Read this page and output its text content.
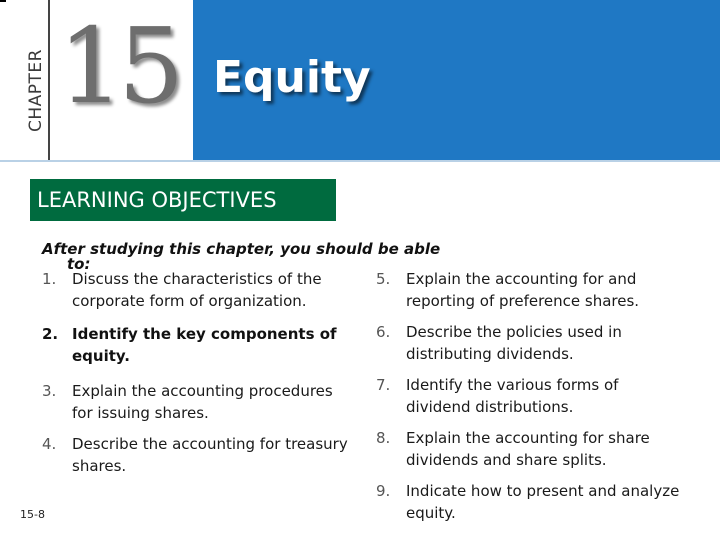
CHAPTER 15 Equity
LEARNING OBJECTIVES
After studying this chapter, you should be able
to:
1.	Discuss the characteristics of the corporate form of organization.
2. Identify the key components of equity.
3.	Explain the accounting procedures for issuing shares.
4.	Describe the accounting for treasury shares.
5.	Explain the accounting for and reporting of preference shares.
6.	Describe the policies used in distributing dividends.
7.	Identify the various forms of dividend distributions.
8.	Explain the accounting for share dividends and share splits.
9.	Indicate how to present and analyze equity.
15-8
